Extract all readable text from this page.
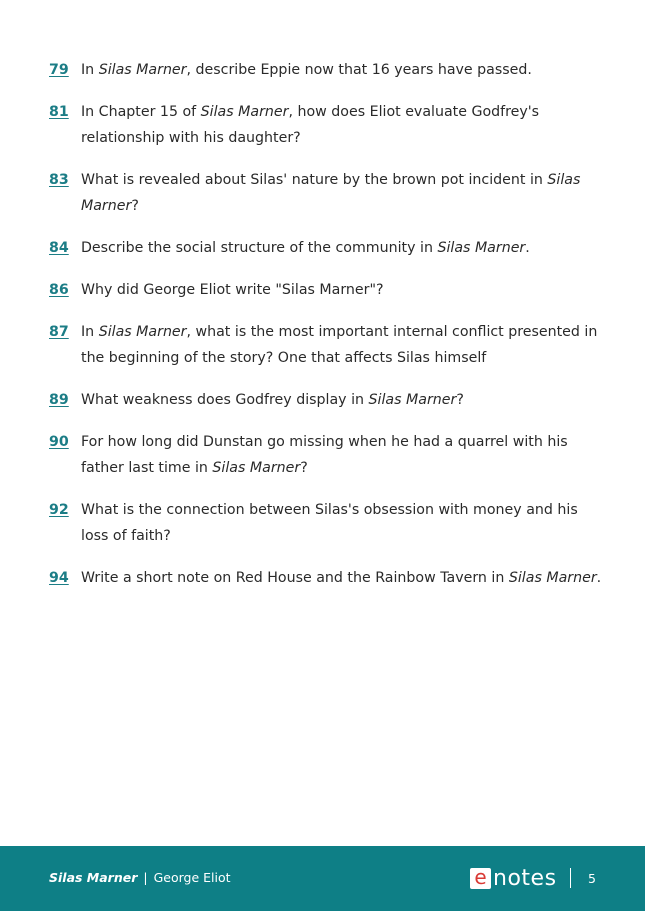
79 In Silas Marner, describe Eppie now that 16 years have passed.
81 In Chapter 15 of Silas Marner, how does Eliot evaluate Godfrey's relationship with his daughter?
83 What is revealed about Silas' nature by the brown pot incident in Silas Marner?
84 Describe the social structure of the community in Silas Marner.
86 Why did George Eliot write "Silas Marner"?
87 In Silas Marner, what is the most important internal conflict presented in the beginning of the story? One that affects Silas himself
89 What weakness does Godfrey display in Silas Marner?
90 For how long did Dunstan go missing when he had a quarrel with his father last time in Silas Marner?
92 What is the connection between Silas's obsession with money and his loss of faith?
94 Write a short note on Red House and the Rainbow Tavern in Silas Marner.
Silas Marner | George Eliot	e notes	5
